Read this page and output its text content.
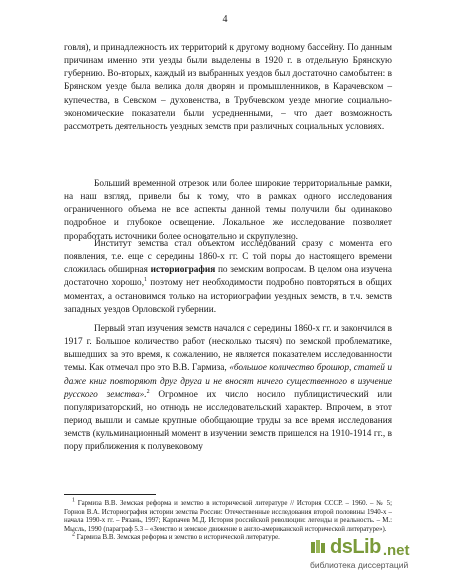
4

говля), и принадлежность их территорий к другому водному бассейну. По данным причинам именно эти уезды были выделены в 1920 г. в отдельную Брянскую губернию. Во-вторых, каждый из выбранных уездов был достаточно самобытен: в Брянском уезде была велика доля дворян и промышленников, в Карачевском – купечества, в Севском – духовенства, в Трубчевском уезде многие социально-экономические показатели были усредненными, – что дает возможность рассмотреть деятельность уездных земств при различных социальных условиях.

Больший временной отрезок или более широкие территориальные рамки, на наш взгляд, привели бы к тому, что в рамках одного исследования ограниченного объема не все аспекты данной темы получили бы одинаково подробное и глубокое освещение. Локальное же исследование позволяет проработать источники более основательно и скрупулезно.

Институт земства стал объектом исследований сразу с момента его появления, т.е. еще с середины 1860-х гг. С той поры до настоящего времени сложилась обширная историография по земским вопросам. В целом она изучена достаточно хорошо,$^1$ поэтому нет необходимости подробно повторяться в общих моментах, а остановимся только на историографии уездных земств, в т.ч. земств западных уездов Орловской губернии.

Первый этап изучения земств начался с середины 1860-х гг. и закончился в 1917 г. Большое количество работ (несколько тысяч) по земской проблематике, вышедших за это время, к сожалению, не является показателем исследованности темы. Как отмечал про это В.В. Гармиза, «большое количество брошюр, статей и даже книг повторяют друг друга и не вносят ничего существенного в изучение русского земства».$^2$ Огромное их число носило публицистический или популяризаторский, но отнюдь не исследовательский характер. Впрочем, в этот период вышли и самые крупные обобщающие труды за все время исследования земств (кульминационный момент в изучении земств пришелся на 1910-1914 гг., в пору приближения к полувековому

1 Гармиза В.В. Земская реформа и земство в исторической литературе // История СССР. – 1960. – № 5; Горнов В.А. Историография истории земства России: Отечественные исследования второй половины 1940-х – начала 1990-х гг. – Рязань, 1997; Карпачев М.Д. История российской революции: легенды и реальность. – М.: Мысль, 1990 (параграф 5.3 – «Земство и земское движение в англо-американской исторической литературе»).

2 Гармиза В.В. Земская реформа и земство в исторической литературе.	dsLib .net
библиотека диссертаций
